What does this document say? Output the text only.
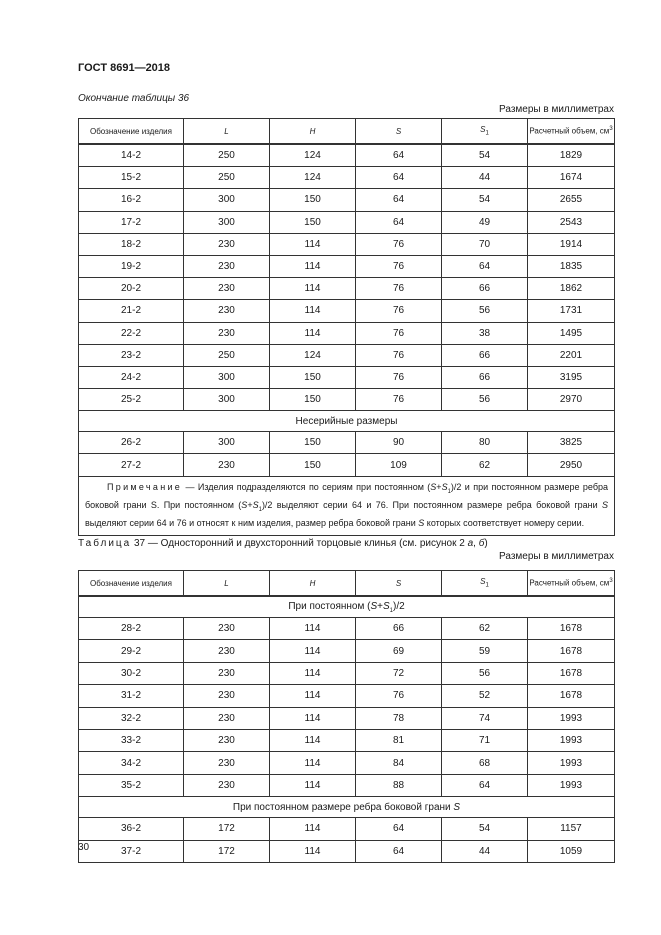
ГОСТ 8691—2018
Окончание таблицы 36
Размеры в миллиметрах
Обозначение изделия	L	H	S	$S_1$	Расчетный объем, $см^3$
14-2	250	124	64	54	1829
15-2	250	124	64	44	1674
16-2	300	150	64	54	2655
17-2	300	150	64	49	2543
18-2	230	114	76	70	1914
19-2	230	114	76	64	1835
20-2	230	114	76	66	1862
21-2	230	114	76	56	1731
22-2	230	114	76	38	1495
23-2	250	124	76	66	2201
24-2	300	150	76	66	3195
25-2	300	150	76	56	2970
Несерийные размеры					
26-2	300	150	90	80	3825
27-2	230	150	109	62	2950
Примечание — Изделия подразделяются по сериям при постоянном $(S+S_1)/2$ и при постоянном размере ребра боковой грани S. При постоянном $(S+S_1)/2$ выделяют серии 64 и 76. При постоянном размере ребра боковой грани S выделяют серии 64 и 76 и относят к ним изделия, размер ребра боковой грани S которых соответствует номеру серии.					
Таблица 37 — Односторонний и двухсторонний торцовые клинья (см. рисунок 2 а, б)
Размеры в миллиметрах
Обозначение изделия	L	H	S	$S_1$	Расчетный объем, $см^3$
При постоянном $(S+S_1)/2$					
28-2	230	114	66	62	1678
29-2	230	114	69	59	1678
30-2	230	114	72	56	1678
31-2	230	114	76	52	1678
32-2	230	114	78	74	1993
33-2	230	114	81	71	1993
34-2	230	114	84	68	1993
35-2	230	114	88	64	1993
При постоянном размере ребра боковой грани S					
36-2	172	114	64	54	1157
37-2	172	114	64	44	1059
30
